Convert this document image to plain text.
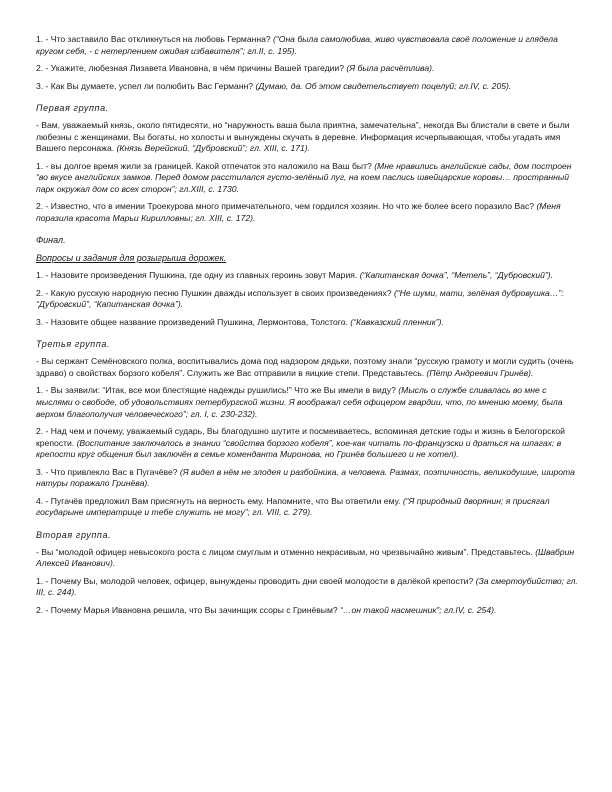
1. - Что заставило Вас откликнуться на любовь Германна? (“Она была самолюбива, живо чувствовала своё положение и глядела кругом себя, - с нетерпением ожидая избавителя”; гл.II, с. 195).

2. - Укажите, любезная Лизавета Ивановна, в чём причины Вашей трагедии? (Я была расчётлива).

3. - Как Вы думаете, успел ли полюбить Вас Германн? (Думаю, да. Об этом свидетельствует поцелуй; гл.IV, с. 205).

Первая группа.

- Вам, уважаемый князь, около пятидесяти, но “наружность ваша была приятна, замечательна”, некогда Вы блистали в свете и были любезны с женщинами. Вы богаты, но холосты и вынуждены скучать в деревне. Информация исчерпывающая, чтобы угадать имя Вашего персонажа. (Князь Верейский. “Дубровский”; гл. XIII, с. 171).

1. - вы долгое время жили за границей. Какой отпечаток это наложило на Ваш быт? (Мне нравились английские сады, дом построен “во вкусе английских замков. Перед домом расстилался густо-зелёный луг, на коем паслись швейцарские коровы… пространный парк окружал дом со всех сторон”; гл.XIII, с. 1730.

2. - Известно, что в имении Троекурова много примечательного, чем гордился хозяин. Но что же более всего поразило Вас? (Меня поразила красота Марьи Кирилловны; гл. XIII, с. 172).

Финал.
Вопросы и задания для розыгрыша дорожек.

1. - Назовите произведения Пушкина, где одну из главных героинь зовут Мария. (“Капитанская дочка”, “Метель”, “Дубровский”).

2. - Какую русскую народную песню Пушкин дважды использует в своих произведениях? (“Не шуми, мати, зелёная дубровушка…”: “Дубровский”, “Капитанская дочка”).

3. - Назовите общее название произведений Пушкина, Лермонтова, Толстого. (“Кавказский пленник”).

Третья группа.

- Вы сержант Семёновского полка, воспитывались дома под надзором дядьки, поэтому знали “русскую грамоту и могли судить (очень здраво) о свойствах борзого кобеля”. Служить же Вас отправили в яицкие степи. Представьтесь. (Пётр Андреевич Гринёв).

1. - Вы заявили: “Итак, все мои блестящие надежды рушились!” Что же Вы имели в виду? (Мысль о службе сливалась во мне с мыслями о свободе, об удовольствиях петербургской жизни. Я воображал себя офицером гвардии, что, по мнению моему, была верхом благополучия человеческого”; гл. I, с. 230-232).

2. - Над чем и почему, уважаемый сударь, Вы благодушно шутите и посмеиваетесь, вспоминая детские годы и жизнь в Белогорской крепости. (Воспитание заключалось в знании “свойства борзого кобеля”, кое-как читать по-французски и драться на шпагах; в крепости круг общения был заключён в семье коменданта Миронова, но Гринёв большего и не хотел).

3. - Что привлекло Вас в Пугачёве? (Я видел в нём не злодея и разбойника, а человека. Размах, поэтичность, великодушие, широта натуры поражало Гринёва).

4. - Пугачёв предложил Вам присягнуть на верность ему. Напомните, что Вы ответили ему. (“Я природный дворянин; я присягал государыне императрице и тебе служить не могу”; гл. VIII, с. 279).

Вторая группа.

- Вы “молодой офицер невысокого роста с лицом смуглым и отменно некрасивым, но чрезвычайно живым”. Представьтесь. (Швабрин Алексей Иванович).

1. - Почему Вы, молодой человек, офицер, вынуждены проводить дни своей молодости в далёкой крепости? (За смертоубийство; гл. III, с. 244).

2. - Почему Марья Ивановна решила, что Вы зачинщик ссоры с Гринёвым? “…он такой насмешник”; гл.IV, с. 254).
